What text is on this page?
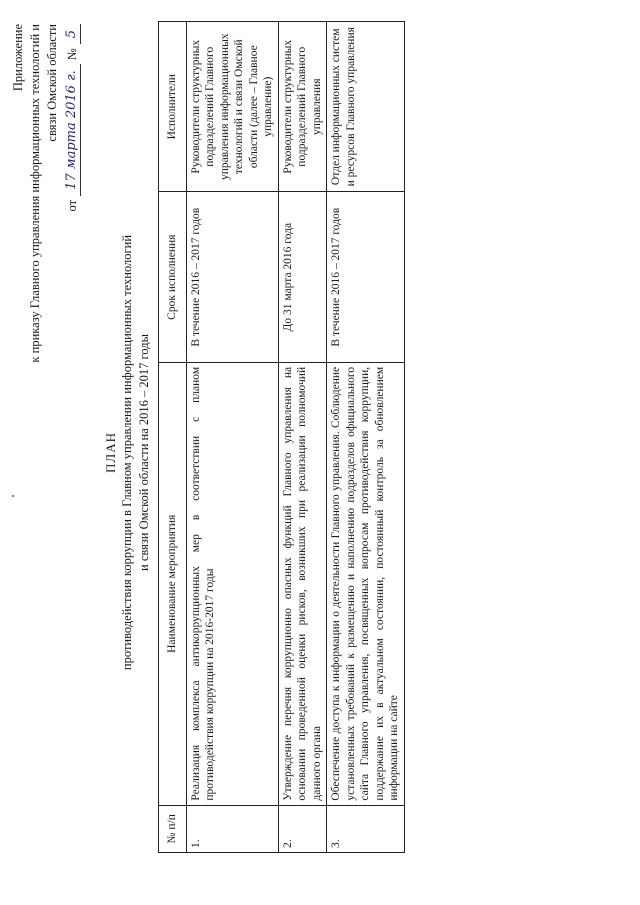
Приложение к приказу Главного управления информационных технологий и связи Омской области
от
17 марта 2016 г.
№
5
ПЛАН противодействия коррупции в Главном управлении информационных технологий и связи Омской области на 2016 – 2017 годы
№ п/п	Наименование мероприятия	Срок исполнения	Исполнители
1.	Реализация комплекса антикоррупционных мер в соответствии с планом противодействия коррупции на 2016-2017 годы	В течение 2016 – 2017 годов	Руководители структурных подразделений Главного управления информационных технологий и связи Омской области (далее – Главное управление)
2.	Утверждение перечня коррупционно опасных функций Главного управления на основании проведенной оценки рисков, возникших при реализации полномочий данного органа	До 31 марта 2016 года	Руководители структурных подразделений Главного управления
3.	Обеспечение доступа к информации о деятельности Главного управления. Соблюдение установленных требований к размещению и наполнению подразделов официального сайта Главного управления, посвященных вопросам противодействия коррупции, поддержание их в актуальном состоянии, постоянный контроль за обновлением информации на сайте	В течение 2016 – 2017 годов	Отдел информационных систем и ресурсов Главного управления
